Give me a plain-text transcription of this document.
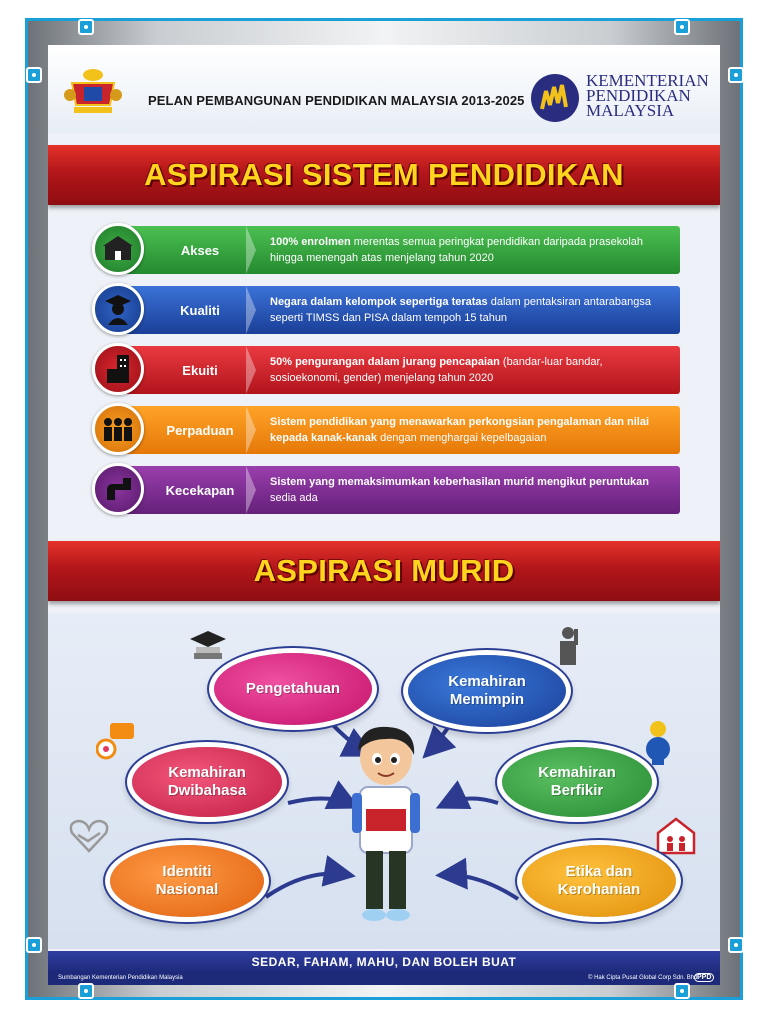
PELAN PEMBANGUNAN PENDIDIKAN MALAYSIA 2013-2025
KEMENTERIAN
PENDIDIKAN
MALAYSIA
ASPIRASI SISTEM PENDIDIKAN
Akses
100% enrolmen merentas semua peringkat pendidikan daripada prasekolah hingga menengah atas menjelang tahun 2020
Kualiti
Negara dalam kelompok sepertiga teratas dalam pentaksiran antarabangsa seperti TIMSS dan PISA dalam tempoh 15 tahun
Ekuiti
50% pengurangan dalam jurang pencapaian (bandar-luar bandar, sosioekonomi, gender) menjelang tahun 2020
Perpaduan
Sistem pendidikan yang menawarkan perkongsian pengalaman dan nilai kepada kanak-kanak dengan menghargai kepelbagaian
Kecekapan
Sistem yang memaksimumkan keberhasilan murid mengikut peruntukan sedia ada
ASPIRASI MURID
Pengetahuan	Kemahiran Memimpin
Kemahiran Dwibahasa
Kemahiran Berfikir
Identiti Nasional
Etika dan Kerohanian
SEDAR, FAHAM, MAHU, DAN BOLEH BUAT
Sumbangan Kementerian Pendidikan Malaysia	© Hak Cipta Pusat Global Corp Sdn. Bhd.
PPD
